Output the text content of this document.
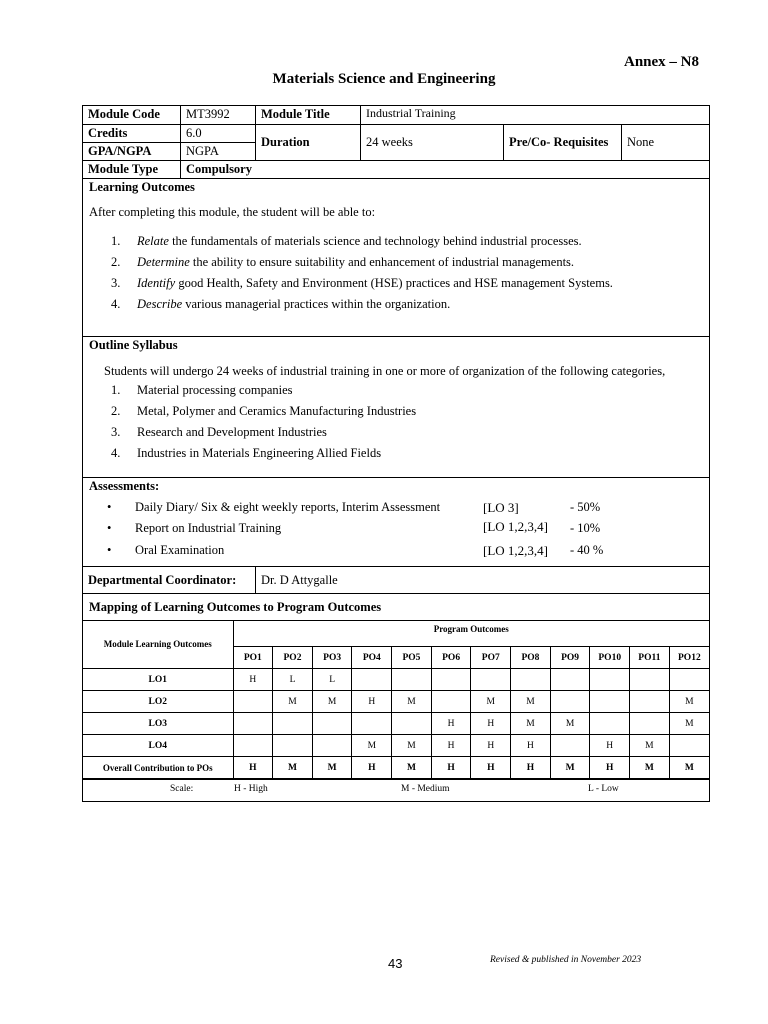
Annex – N8
Materials Science and Engineering
Module Code	MT3992	Module Title	Industrial Training
Credits	6.0
GPA/NGPA	NGPA
Duration	24 weeks	Pre/Co- Requisites	None
Module Type	Compulsory
Learning Outcomes
After completing this module, the student will be able to:
1.	Relate the fundamentals of materials science and technology behind industrial processes.
2.	Determine the ability to ensure suitability and enhancement of industrial managements.
3.	Identify good Health, Safety and Environment (HSE) practices and HSE management Systems.
4.	Describe various managerial practices within the organization.
Outline Syllabus
Students will undergo 24 weeks of industrial training in one or more of organization of the following categories,
1.	Material processing companies
2.	Metal, Polymer and Ceramics Manufacturing Industries
3.	Research and Development Industries
4.	Industries in Materials Engineering Allied Fields
Assessments:
• Daily Diary/ Six & eight weekly reports, Interim Assessment	[LO 3]	- 50%
• Report on Industrial Training	[LO 1,2,3,4] - 10%
• Oral Examination	[LO 1,2,3,4] - 40 %
Departmental Coordinator:	Dr. D Attygalle
Mapping of Learning Outcomes to Program Outcomes
Module Learning Outcomes	Program Outcomes											
	PO1	PO2	PO3	PO4	PO5	PO6	PO7	PO8	PO9	PO10	PO11	PO12
LO1	H	L	L									
LO2		M	M	H	M		M	M				M
LO3						H	H	M	M			M
LO4				M	M	H	H	H		H	M	
Overall Contribution to POs	H	M	M	H	M	H	H	H	M	H	M	M
Scale:	H - High	M - Medium	L - Low
43	Revised & published in November 2023
